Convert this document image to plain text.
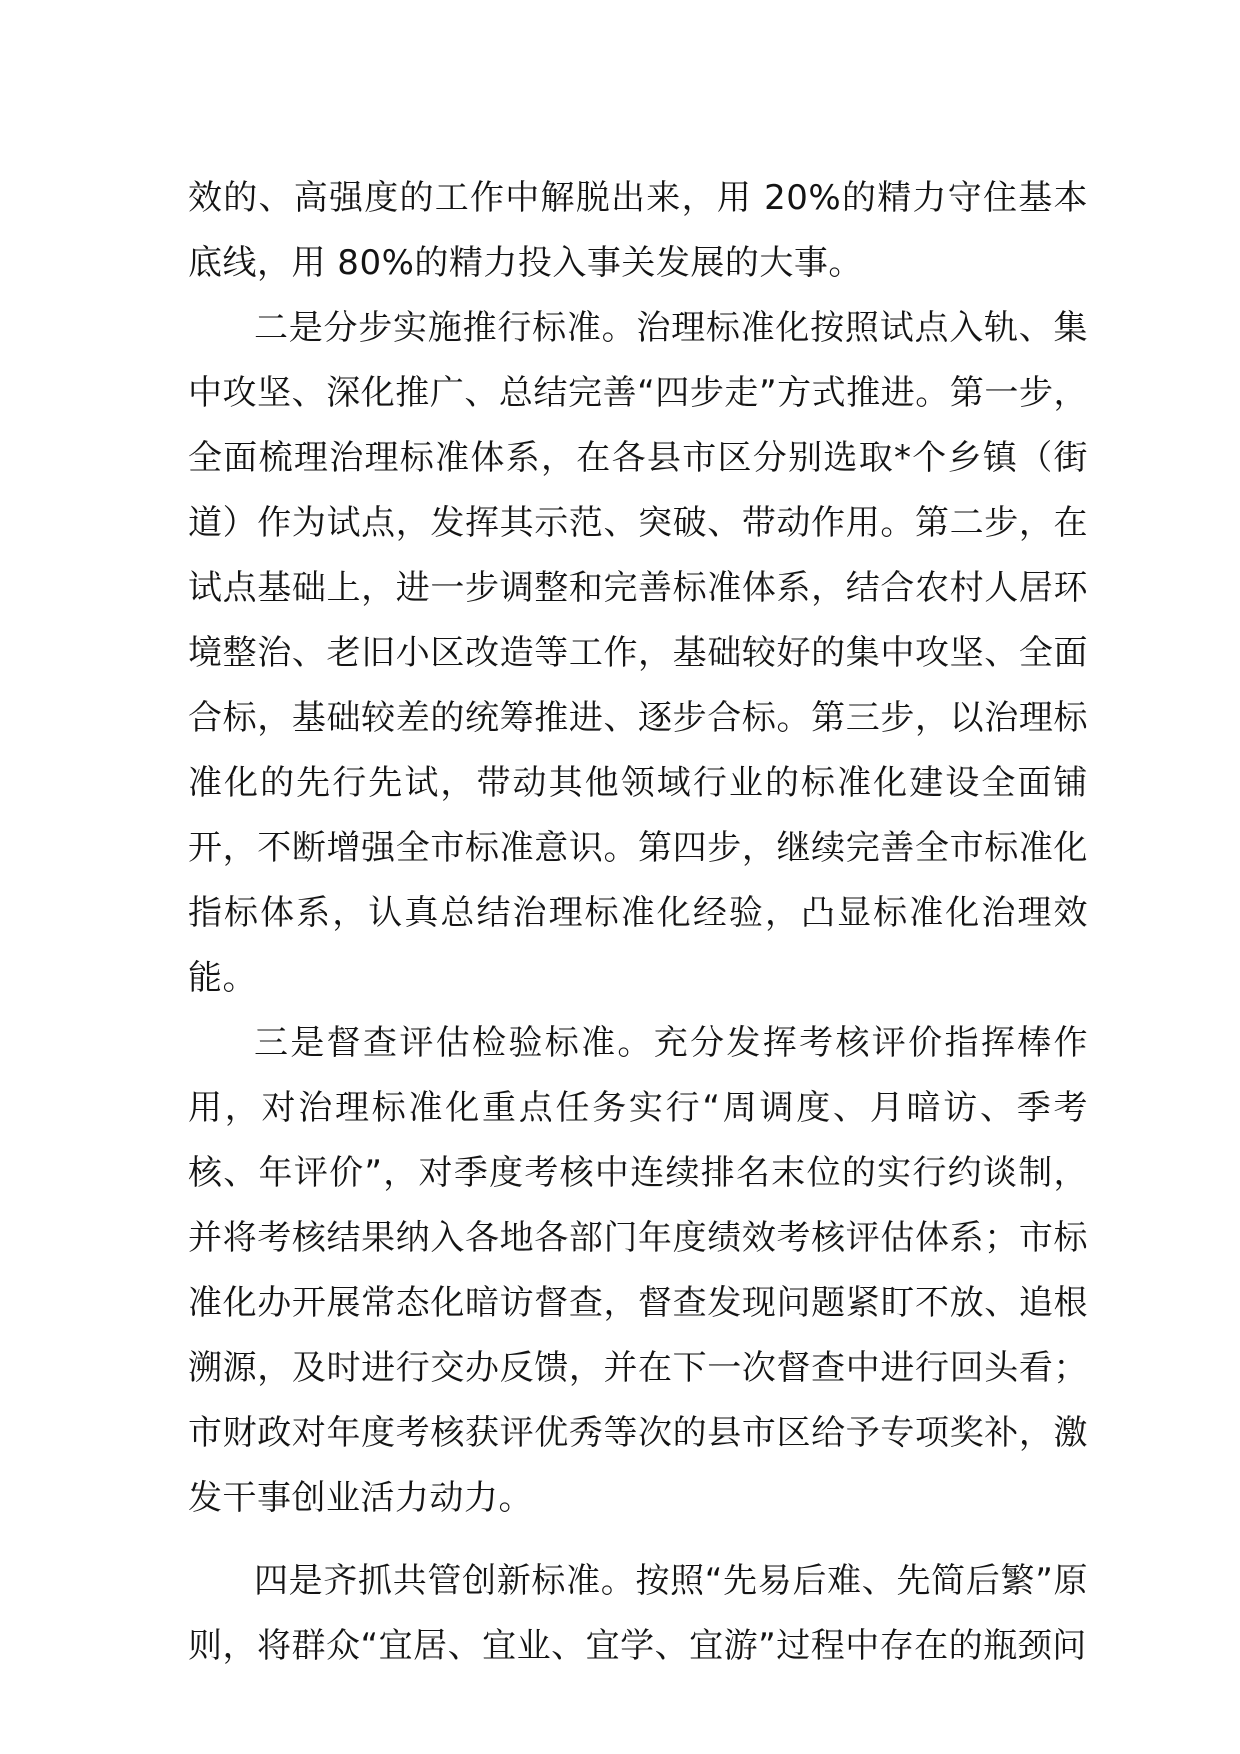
效的、高强度的工作中解脱出来，用 20%的精力守住基本底线，用 80%的精力投入事关发展的大事。

二是分步实施推行标准。治理标准化按照试点入轨、集中攻坚、深化推广、总结完善“四步走”方式推进。第一步，全面梳理治理标准体系，在各县市区分别选取*个乡镇（街道）作为试点，发挥其示范、突破、带动作用。第二步，在试点基础上，进一步调整和完善标准体系，结合农村人居环境整治、老旧小区改造等工作，基础较好的集中攻坚、全面合标，基础较差的统筹推进、逐步合标。第三步，以治理标准化的先行先试，带动其他领域行业的标准化建设全面铺开，不断增强全市标准意识。第四步，继续完善全市标准化指标体系，认真总结治理标准化经验，凸显标准化治理效能。

三是督查评估检验标准。充分发挥考核评价指挥棒作用，对治理标准化重点任务实行“周调度、月暗访、季考核、年评价”，对季度考核中连续排名末位的实行约谈制，并将考核结果纳入各地各部门年度绩效考核评估体系；市标准化办开展常态化暗访督查，督查发现问题紧盯不放、追根溯源，及时进行交办反馈，并在下一次督查中进行回头看；市财政对年度考核获评优秀等次的县市区给予专项奖补，激发干事创业活力动力。

四是齐抓共管创新标准。按照“先易后难、先简后繁”原则，将群众“宜居、宜业、宜学、宜游”过程中存在的瓶颈问
